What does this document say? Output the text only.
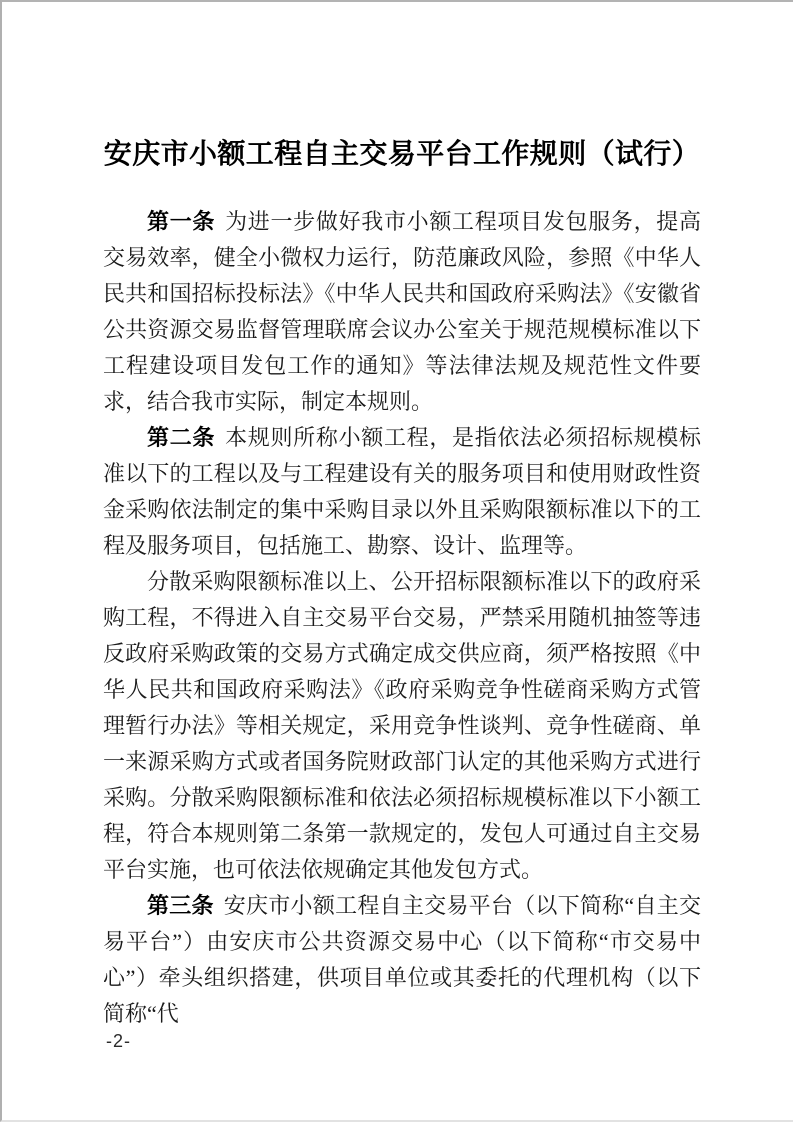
安庆市小额工程自主交易平台工作规则（试行）

第一条 为进一步做好我市小额工程项目发包服务，提高交易效率，健全小微权力运行，防范廉政风险，参照《中华人民共和国招标投标法》《中华人民共和国政府采购法》《安徽省公共资源交易监督管理联席会议办公室关于规范规模标准以下工程建设项目发包工作的通知》等法律法规及规范性文件要求，结合我市实际，制定本规则。

第二条 本规则所称小额工程，是指依法必须招标规模标准以下的工程以及与工程建设有关的服务项目和使用财政性资金采购依法制定的集中采购目录以外且采购限额标准以下的工程及服务项目，包括施工、勘察、设计、监理等。

分散采购限额标准以上、公开招标限额标准以下的政府采购工程，不得进入自主交易平台交易，严禁采用随机抽签等违反政府采购政策的交易方式确定成交供应商，须严格按照《中华人民共和国政府采购法》《政府采购竞争性磋商采购方式管理暂行办法》等相关规定，采用竞争性谈判、竞争性磋商、单一来源采购方式或者国务院财政部门认定的其他采购方式进行采购。分散采购限额标准和依法必须招标规模标准以下小额工程，符合本规则第二条第一款规定的，发包人可通过自主交易平台实施，也可依法依规确定其他发包方式。

第三条 安庆市小额工程自主交易平台（以下简称“自主交易平台”）由安庆市公共资源交易中心（以下简称“市交易中心”）牵头组织搭建，供项目单位或其委托的代理机构（以下简称“代

-2-
